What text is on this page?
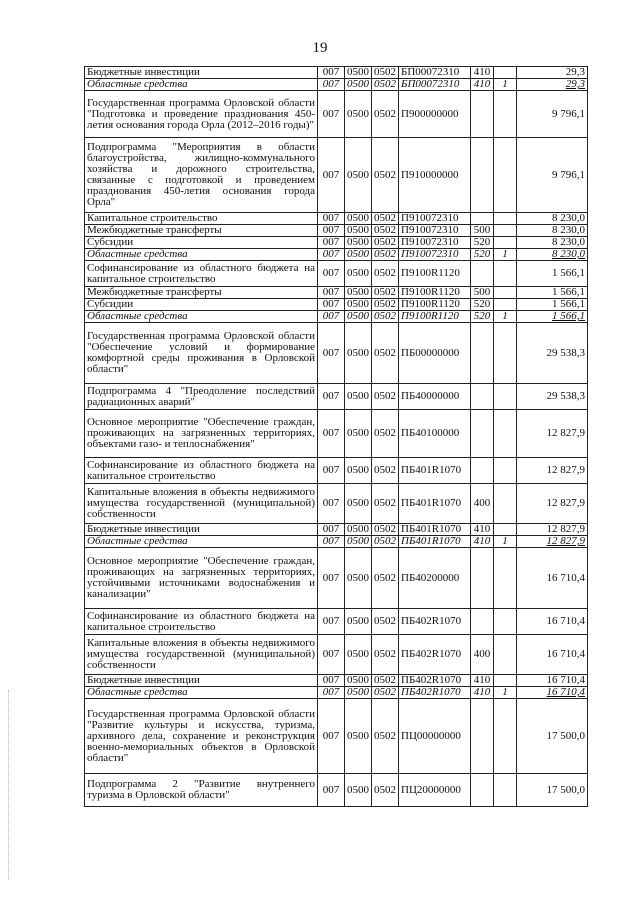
19
Бюджетные инвестиции	007	0500	0502	БП00072310	410		29,3
Областные средства	007	0500	0502	БП00072310	410	1	29,3
Государственная программа Орловской области "Подготовка и проведение празднования 450-летия основания города Орла (2012–2016 годы)"	007	0500	0502	П900000000			9 796,1
Подпрограмма "Мероприятия в области благоустройства, жилищно-коммунального хозяйства и дорожного строительства, связанные с подготовкой и проведением празднования 450-летия основания города Орла"	007	0500	0502	П910000000			9 796,1
Капитальное строительство	007	0500	0502	П910072310			8 230,0
Межбюджетные трансферты	007	0500	0502	П910072310	500		8 230,0
Субсидии	007	0500	0502	П910072310	520		8 230,0
Областные средства	007	0500	0502	П910072310	520	1	8 230,0
Софинансирование из областного бюджета на капитальное строительство	007	0500	0502	П9100R1120			1 566,1
Межбюджетные трансферты	007	0500	0502	П9100R1120	500		1 566,1
Субсидии	007	0500	0502	П9100R1120	520		1 566,1
Областные средства	007	0500	0502	П9100R1120	520	1	1 566,1
Государственная программа Орловской области "Обеспечение условий и формирование комфортной среды проживания в Орловской области"	007	0500	0502	ПБ00000000			29 538,3
Подпрограмма 4 "Преодоление последствий радиационных аварий"	007	0500	0502	ПБ40000000			29 538,3
Основное мероприятие "Обеспечение граждан, проживающих на загрязненных территориях, объектами газо- и теплоснабжения"	007	0500	0502	ПБ40100000			12 827,9
Софинансирование из областного бюджета на капитальное строительство	007	0500	0502	ПБ401R1070			12 827,9
Капитальные вложения в объекты недвижимого имущества государственной (муниципальной) собственности	007	0500	0502	ПБ401R1070	400		12 827,9
Бюджетные инвестиции	007	0500	0502	ПБ401R1070	410		12 827,9
Областные средства	007	0500	0502	ПБ401R1070	410	1	12 827,9
Основное мероприятие "Обеспечение граждан, проживающих на загрязненных территориях, устойчивыми источниками водоснабжения и канализации"	007	0500	0502	ПБ40200000			16 710,4
Софинансирование из областного бюджета на капитальное строительство	007	0500	0502	ПБ402R1070			16 710,4
Капитальные вложения в объекты недвижимого имущества государственной (муниципальной) собственности	007	0500	0502	ПБ402R1070	400		16 710,4
Бюджетные инвестиции	007	0500	0502	ПБ402R1070	410		16 710,4
Областные средства	007	0500	0502	ПБ402R1070	410	1	16 710,4
Государственная программа Орловской области "Развитие культуры и искусства, туризма, архивного дела, сохранение и реконструкция военно-мемориальных объектов в Орловской области"	007	0500	0502	ПЦ00000000			17 500,0
Подпрограмма 2 "Развитие внутреннего туризма в Орловской области"	007	0500	0502	ПЦ20000000			17 500,0
